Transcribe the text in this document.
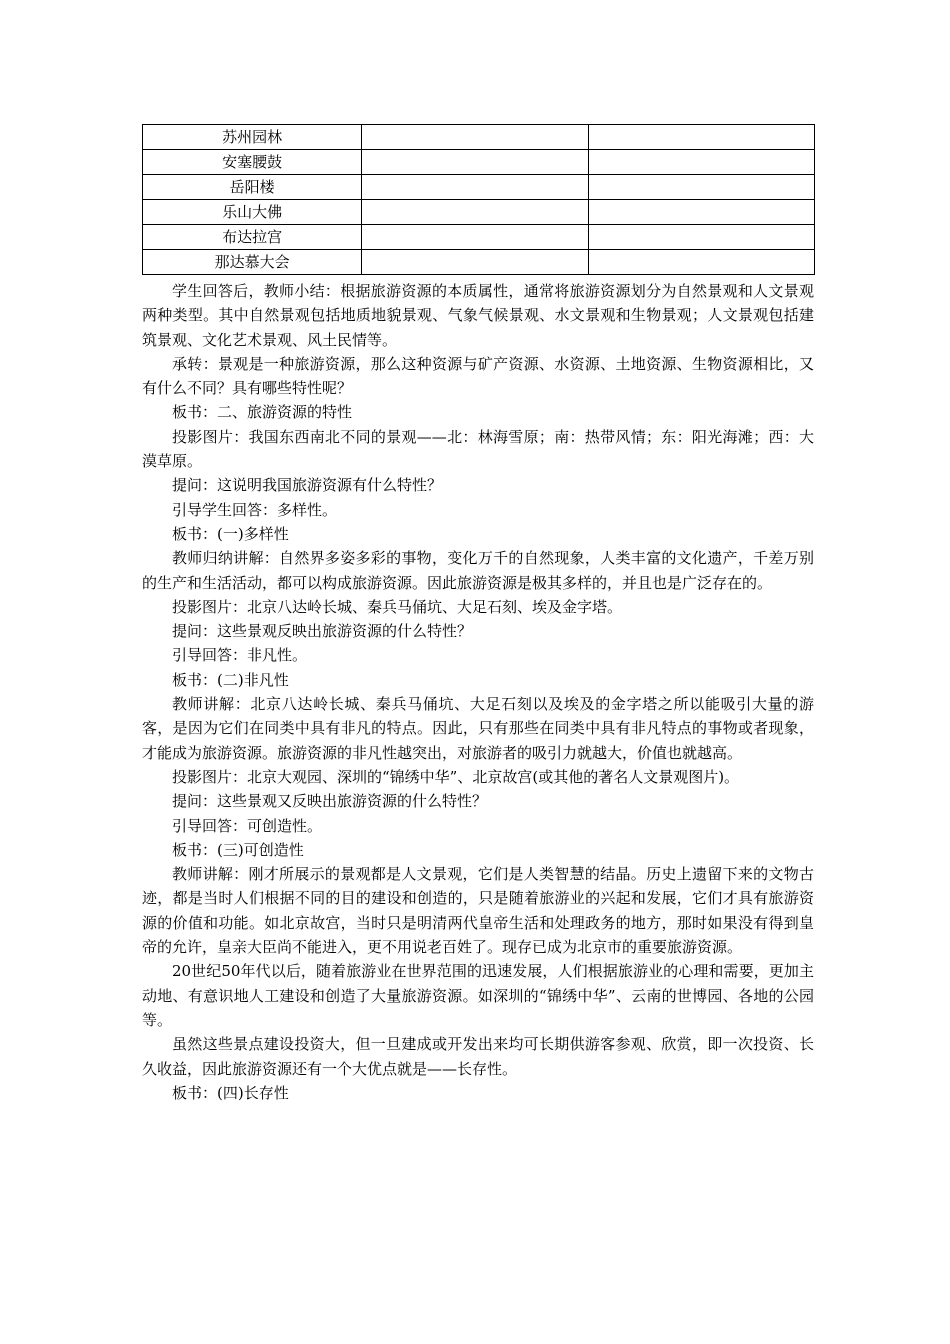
苏州园林		
安塞腰鼓		
岳阳楼		
乐山大佛		
布达拉宫		
那达慕大会		

学生回答后，教师小结：根据旅游资源的本质属性，通常将旅游资源划分为自然景观和人文景观两种类型。其中自然景观包括地质地貌景观、气象气候景观、水文景观和生物景观；人文景观包括建筑景观、文化艺术景观、风土民情等。

承转：景观是一种旅游资源，那么这种资源与矿产资源、水资源、土地资源、生物资源相比，又有什么不同？具有哪些特性呢？

板书：二、旅游资源的特性

投影图片：我国东西南北不同的景观——北：林海雪原；南：热带风情；东：阳光海滩；西：大漠草原。

提问：这说明我国旅游资源有什么特性？

引导学生回答：多样性。

板书：(一)多样性

教师归纳讲解：自然界多姿多彩的事物，变化万千的自然现象，人类丰富的文化遗产，千差万别的生产和生活活动，都可以构成旅游资源。因此旅游资源是极其多样的，并且也是广泛存在的。

投影图片：北京八达岭长城、秦兵马俑坑、大足石刻、埃及金字塔。

提问：这些景观反映出旅游资源的什么特性？

引导回答：非凡性。

板书：(二)非凡性

教师讲解：北京八达岭长城、秦兵马俑坑、大足石刻以及埃及的金字塔之所以能吸引大量的游客，是因为它们在同类中具有非凡的特点。因此，只有那些在同类中具有非凡特点的事物或者现象，才能成为旅游资源。旅游资源的非凡性越突出，对旅游者的吸引力就越大，价值也就越高。

投影图片：北京大观园、深圳的“锦绣中华”、北京故宫(或其他的著名人文景观图片)。

提问：这些景观又反映出旅游资源的什么特性？

引导回答：可创造性。

板书：(三)可创造性

教师讲解：刚才所展示的景观都是人文景观，它们是人类智慧的结晶。历史上遗留下来的文物古迹，都是当时人们根据不同的目的建设和创造的，只是随着旅游业的兴起和发展，它们才具有旅游资源的价值和功能。如北京故宫，当时只是明清两代皇帝生活和处理政务的地方，那时如果没有得到皇帝的允许，皇亲大臣尚不能进入，更不用说老百姓了。现存已成为北京市的重要旅游资源。

20世纪50年代以后，随着旅游业在世界范围的迅速发展，人们根据旅游业的心理和需要，更加主动地、有意识地人工建设和创造了大量旅游资源。如深圳的“锦绣中华”、云南的世博园、各地的公园等。

虽然这些景点建设投资大，但一旦建成或开发出来均可长期供游客参观、欣赏，即一次投资、长久收益，因此旅游资源还有一个大优点就是——长存性。

板书：(四)长存性
